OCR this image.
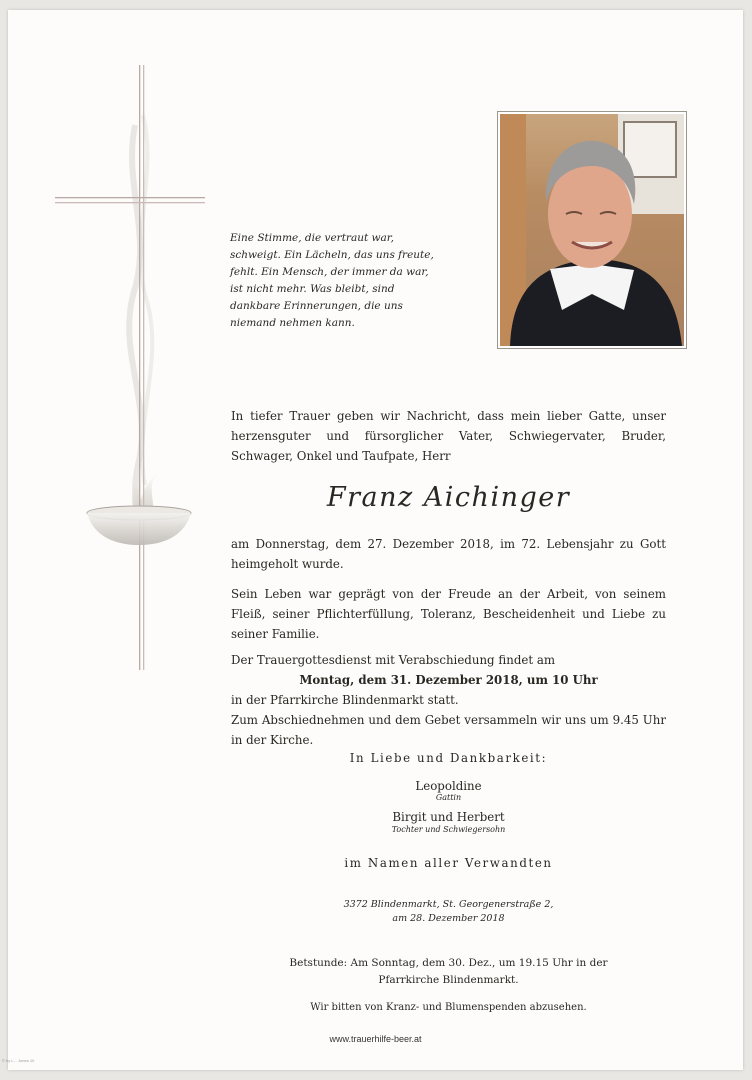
Eine Stimme, die vertraut war,
schweigt. Ein Lächeln, das uns freute,
fehlt. Ein Mensch, der immer da war,
ist nicht mehr. Was bleibt, sind
dankbare Erinnerungen, die uns
niemand nehmen kann.
In tiefer Trauer geben wir Nachricht, dass mein lieber Gatte, unser
herzensguter und fürsorglicher Vater, Schwiegervater, Bruder,
Schwager, Onkel und Taufpate, Herr
Franz Aichinger
am Donnerstag, dem 27. Dezember 2018, im 72. Lebensjahr zu Gott
heimgeholt wurde.
Sein Leben war geprägt von der Freude an der Arbeit, von seinem
Fleiß, seiner Pflichterfüllung, Toleranz, Bescheidenheit und Liebe zu
seiner Familie.
Der Trauergottesdienst mit Verabschiedung findet am
Montag, dem 31. Dezember 2018, um 10 Uhr
in der Pfarrkirche Blindenmarkt statt.
Zum Abschiednehmen und dem Gebet versammeln wir uns um 9.45 Uhr
in der Kirche.
In Liebe und Dankbarkeit:
Leopoldine
Gattin
Birgit und Herbert
Tochter und Schwiegersohn
im Namen aller Verwandten
3372 Blindenmarkt, St. Georgenerstraße 2,
am 28. Dezember 2018
Betstunde: Am Sonntag, dem 30. Dez., um 19.15 Uhr in der
Pfarrkirche Blindenmarkt.
Wir bitten von Kranz- und Blumenspenden abzusehen.
www.trauerhilfe-beer.at
© by L... Jones 10
